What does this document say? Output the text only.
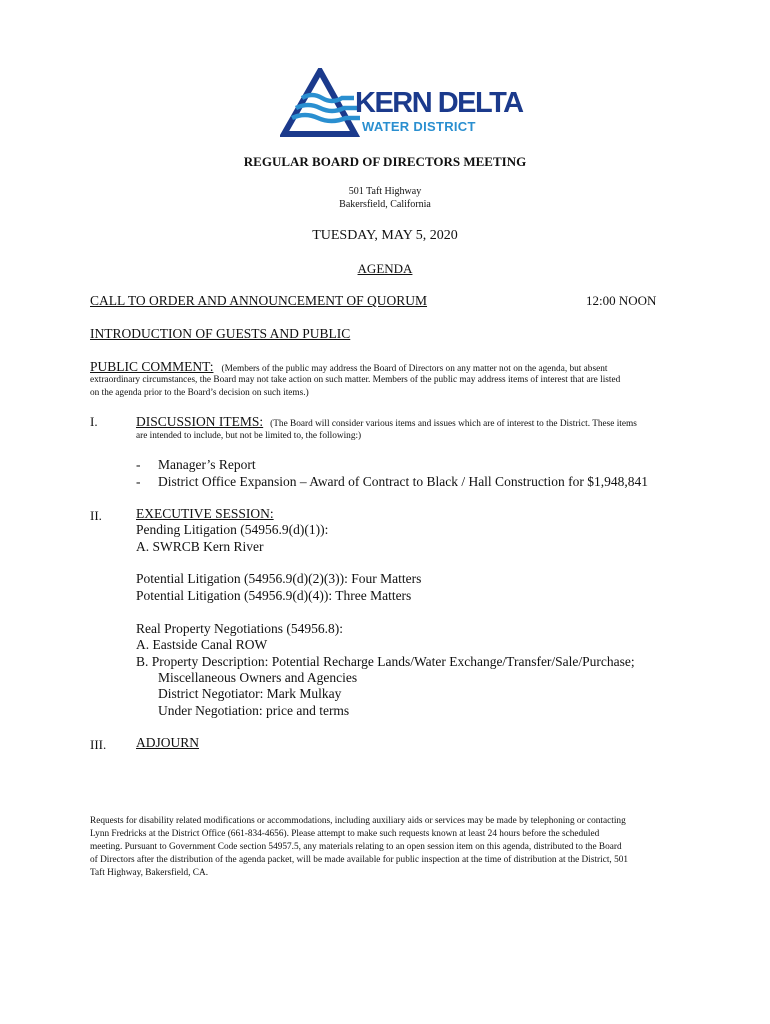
KERN DELTA
WATER DISTRICT
REGULAR BOARD OF DIRECTORS MEETING
501 Taft Highway
Bakersfield, California
TUESDAY, MAY 5, 2020
AGENDA
CALL TO ORDER AND ANNOUNCEMENT OF QUORUM	12:00 NOON
INTRODUCTION OF GUESTS AND PUBLIC
PUBLIC COMMENT: (Members of the public may address the Board of Directors on any matter not on the agenda, but absent
extraordinary circumstances, the Board may not take action on such matter. Members of the public may address items of interest that are listed
on the agenda prior to the Board’s decision on such items.)
I.	DISCUSSION ITEMS: (The Board will consider various items and issues which are of interest to the District. These items
are intended to include, but not be limited to, the following:)
- Manager’s Report
- District Office Expansion – Award of Contract to Black / Hall Construction for $1,948,841
II.	EXECUTIVE SESSION:
Pending Litigation (54956.9(d)(1)):
A. SWRCB Kern River
Potential Litigation (54956.9(d)(2)(3)): Four Matters
Potential Litigation (54956.9(d)(4)): Three Matters
Real Property Negotiations (54956.8):
A. Eastside Canal ROW
B. Property Description: Potential Recharge Lands/Water Exchange/Transfer/Sale/Purchase;
Miscellaneous Owners and Agencies
District Negotiator: Mark Mulkay
Under Negotiation: price and terms
III. ADJOURN
Requests for disability related modifications or accommodations, including auxiliary aids or services may be made by telephoning or contacting
Lynn Fredricks at the District Office (661-834-4656). Please attempt to make such requests known at least 24 hours before the scheduled
meeting. Pursuant to Government Code section 54957.5, any materials relating to an open session item on this agenda, distributed to the Board
of Directors after the distribution of the agenda packet, will be made available for public inspection at the time of distribution at the District, 501
Taft Highway, Bakersfield, CA.
